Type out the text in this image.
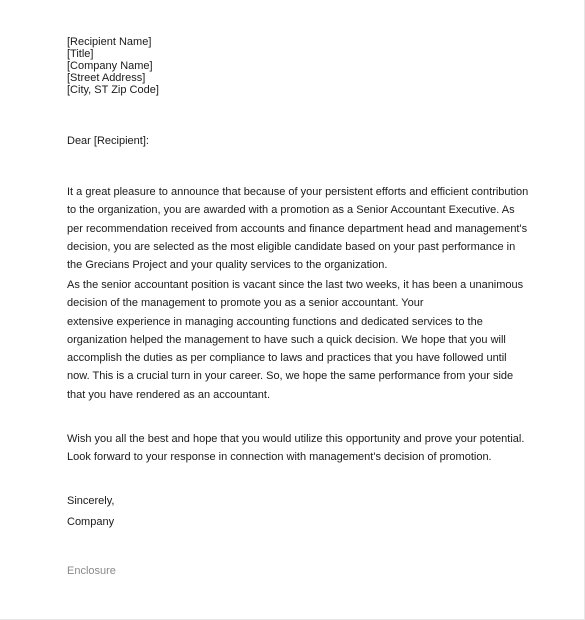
[Recipient Name]
[Title]
[Company Name]
[Street Address]
[City, ST Zip Code]
Dear [Recipient]:
It a great pleasure to announce that because of your persistent efforts and efficient contribution
to the organization, you are awarded with a promotion as a Senior Accountant Executive. As
per recommendation received from accounts and finance department head and management's
decision, you are selected as the most eligible candidate based on your past performance in
the Grecians Project and your quality services to the organization.
As the senior accountant position is vacant since the last two weeks, it has been a unanimous
decision of the management to promote you as a senior accountant. Your
extensive experience in managing accounting functions and dedicated services to the
organization helped the management to have such a quick decision. We hope that you will
accomplish the duties as per compliance to laws and practices that you have followed until
now. This is a crucial turn in your career. So, we hope the same performance from your side
that you have rendered as an accountant.
Wish you all the best and hope that you would utilize this opportunity and prove your potential.
Look forward to your response in connection with management's decision of promotion.
Sincerely,
Company
Enclosure
